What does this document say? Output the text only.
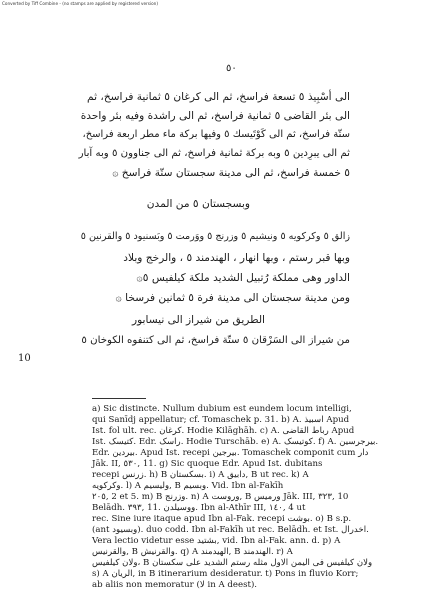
Converted by Tiff Combine - (no stamps are applied by registered version)
٥٠
الى أسْبِيذ ٥ تسعة فراسخ، ثم الى كرغان ٥ ثمانية فراسخ، ثم
الى بئر القاضى ٥ ثمانية فراسخ، ثم الى راشدة وفيه بئر واحدة
ستّة فراسخ، ثم الى كَوْتَيسك ٥ وفيها بركة ماء مطر اربعة فراسخ،
ثم الى يبرِدين ٥ وبه بركة ثمانية فراسخ، ثم الى جناوون ٥ وبه آبار
٥ خمسة فراسخ، ثم الى مدينة سجستان ستّة فراسخ ۞
وبسجستان ٥ من المدن
زالق ٥ وكركويه ٥ ونيشيم ٥ وزرنج ٥ ووَرمت ٥ وبَسنيود ٥ والقرنين ٥
وبها قبر رستم ، وبها انهار ، الهندمند ٥ ، والرخج وبلاد
الداور وهى مملكة رُتبيل الشديد ملكة كيلفيس ٥۞
ومن مدينة سجستان الى مدينة فرة ٥ ثمانين فرسخا ۞
الطريق من شيراز الى نيسابور
من شيراز الى السَرْقان ٥ ستّة فراسخ، ثم الى كتنفوه الكوخان ٥
10
a) Sic distincte. Nullum dubium est eundem locum intelligi,
qui Sanīdj appellatur; cf. Tomaschek p. 31. b) A. اسبيذ Apud
Ist. fol ult. rec. کرغان. Hodie Kilāghāh. c) A. رباط القاضى Apud
Ist. کتیسک. Edr. راسک. Hodie Turschāb. e) A. کوتیسک. f) A. بیرجرسین.
Edr. بیردین. Apud Ist. recepi بيرجين. Tomaschek componit cum دار
Jāk. II, ٥٣٠, 11. g) Sic quoque Edr. Apud Ist. dubitans
recepi زرنس. h) B بسکستان. i) A دابیق, B ut rec. k) A
وکرکویه. l) A ولیسیم, B وبسیم. Vid. Ibn al-Fakīh
٢٠٥, 2 et 5. m) B وزرنج. n) A وروست, B ورمیس Jāk. III, ٣٢٣, 10
Belādh. ٣٩٣, 11. ووسیلدن. Ibn al-Athīr III, ١٤٠, 4 ut
rec. Sine iure itaque apud Ibn al-Fak. recepi بوشت. o) B s.p.
(ant وبسیود). duo codd. Ibn al-Fakīh ut rec. Belādh. et Ist. اخدرال.
Vera lectio videtur esse بشتید, vid. Ibn al-Fak. ann. d. p) A
والقرنیس, B والقرنیش. q) A الهیدمند, B الهندمند. r) A
ولان کیلفیس، B ولان کیلفیس فی الیمن الاول مثله رستم الشدید علی سکستان
s) A الریان, in B itinerarium desideratur. t) Pons in fluvio Korr;
ab aliis non memoratur (لا in A deest).
